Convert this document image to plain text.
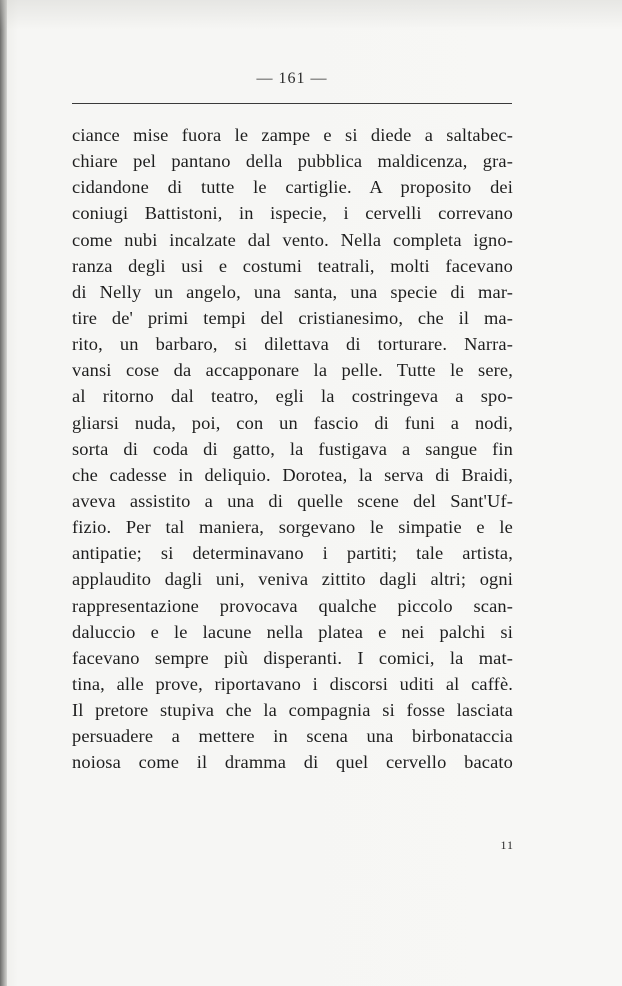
— 161 —
ciance mise fuora le zampe e si diede a saltabec-
chiare pel pantano della pubblica maldicenza, gra-
cidandone di tutte le cartiglie. A proposito dei
coniugi Battistoni, in ispecie, i cervelli correvano
come nubi incalzate dal vento. Nella completa igno-
ranza degli usi e costumi teatrali, molti facevano
di Nelly un angelo, una santa, una specie di mar-
tire de' primi tempi del cristianesimo, che il ma-
rito, un barbaro, si dilettava di torturare. Narra-
vansi cose da accapponare la pelle. Tutte le sere,
al ritorno dal teatro, egli la costringeva a spo-
gliarsi nuda, poi, con un fascio di funi a nodi,
sorta di coda di gatto, la fustigava a sangue fin
che cadesse in deliquio. Dorotea, la serva di Braidi,
aveva assistito a una di quelle scene del Sant'Uf-
fizio. Per tal maniera, sorgevano le simpatie e le
antipatie; si determinavano i partiti; tale artista,
applaudito dagli uni, veniva zittito dagli altri; ogni
rappresentazione provocava qualche piccolo scan-
daluccio e le lacune nella platea e nei palchi si
facevano sempre più disperanti. I comici, la mat-
tina, alle prove, riportavano i discorsi uditi al caffè.
Il pretore stupiva che la compagnia si fosse lasciata
persuadere a mettere in scena una birbonataccia
noiosa come il dramma di quel cervello bacato
11
